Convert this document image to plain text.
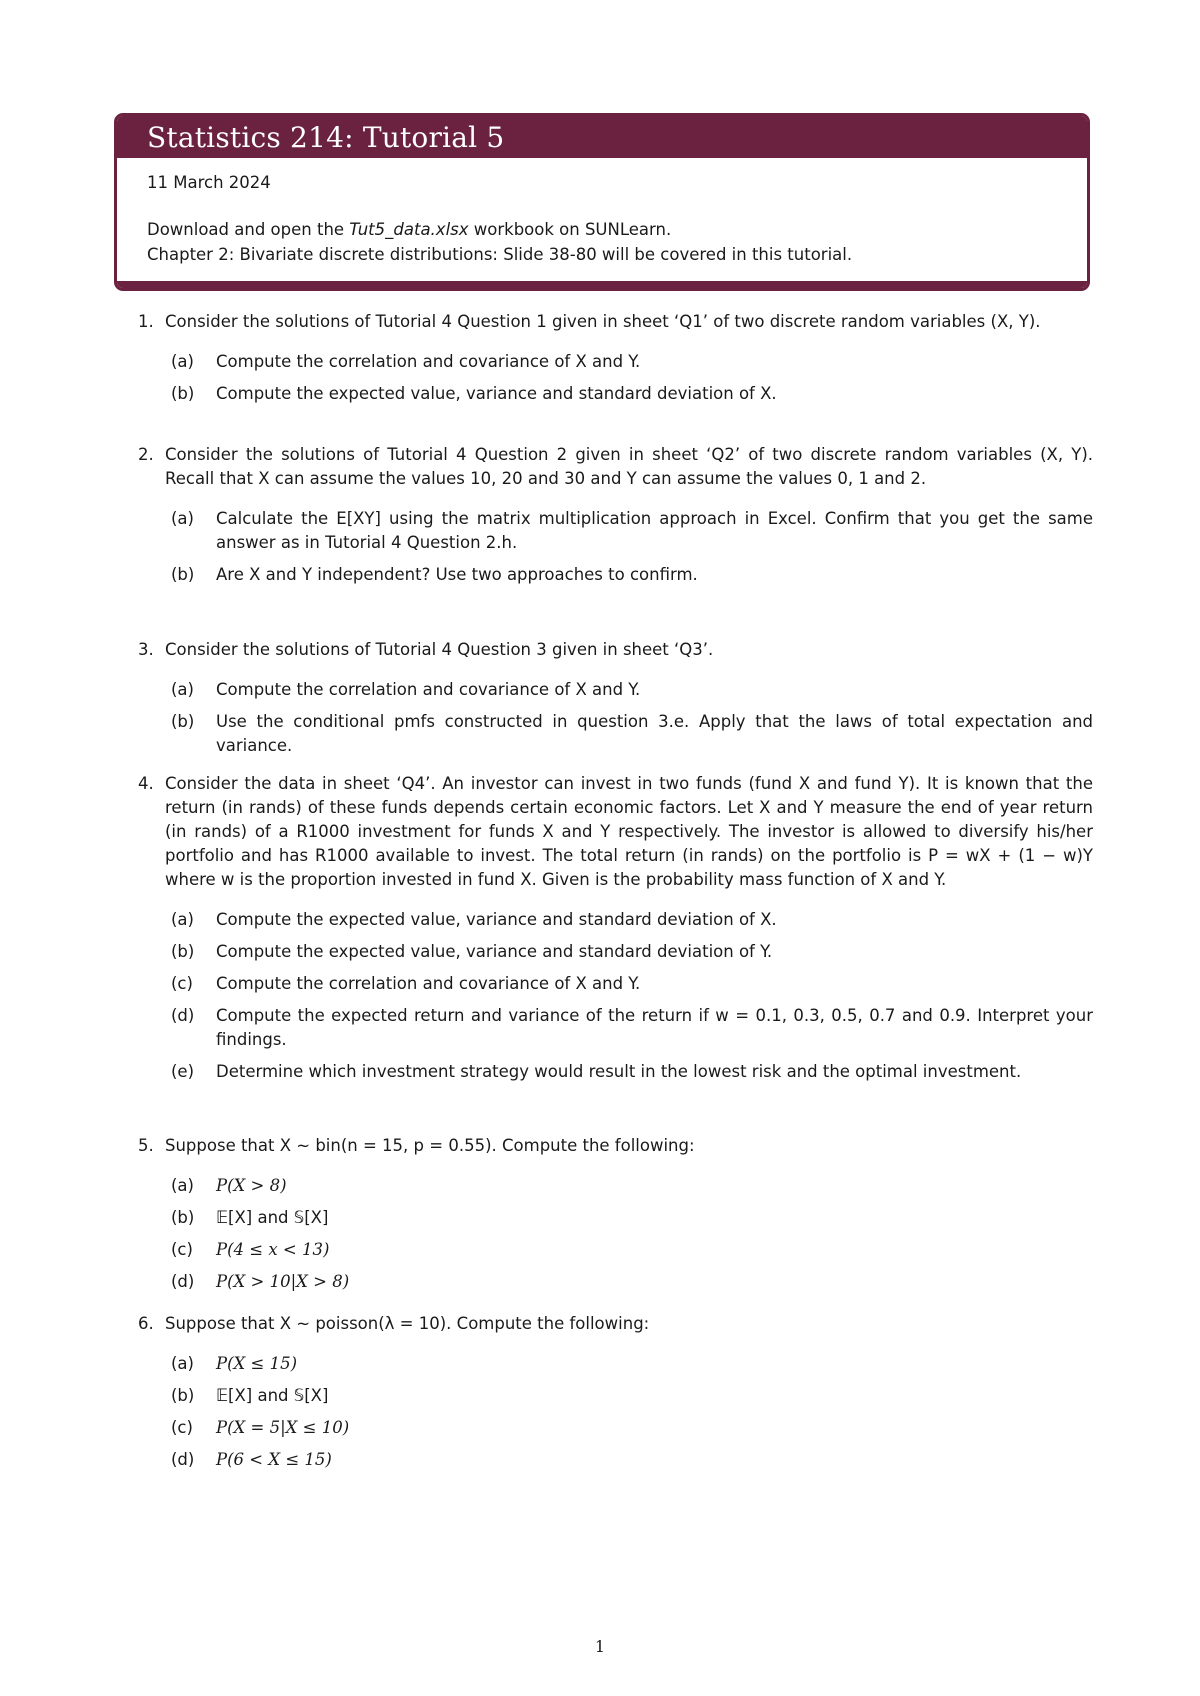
Statistics 214: Tutorial 5
11 March 2024
Download and open the Tut5_data.xlsx workbook on SUNLearn.
Chapter 2: Bivariate discrete distributions: Slide 38-80 will be covered in this tutorial.
1. Consider the solutions of Tutorial 4 Question 1 given in sheet ‘Q1’ of two discrete random variables (X, Y).
(a) Compute the correlation and covariance of X and Y.
(b) Compute the expected value, variance and standard deviation of X.
2. Consider the solutions of Tutorial 4 Question 2 given in sheet ‘Q2’ of two discrete random variables (X, Y). Recall that X can assume the values 10, 20 and 30 and Y can assume the values 0, 1 and 2.
(a) Calculate the E[XY] using the matrix multiplication approach in Excel. Confirm that you get the same answer as in Tutorial 4 Question 2.h.
(b) Are X and Y independent? Use two approaches to confirm.
3. Consider the solutions of Tutorial 4 Question 3 given in sheet ‘Q3’.
(a) Compute the correlation and covariance of X and Y.
(b) Use the conditional pmfs constructed in question 3.e. Apply that the laws of total expectation and variance.
4. Consider the data in sheet ‘Q4’. An investor can invest in two funds (fund X and fund Y). It is known that the return (in rands) of these funds depends certain economic factors. Let X and Y measure the end of year return (in rands) of a R1000 investment for funds X and Y respectively. The investor is allowed to diversify his/her portfolio and has R1000 available to invest. The total return (in rands) on the portfolio is P = wX + (1 − w)Y where w is the proportion invested in fund X. Given is the probability mass function of X and Y.
(a) Compute the expected value, variance and standard deviation of X.
(b) Compute the expected value, variance and standard deviation of Y.
(c) Compute the correlation and covariance of X and Y.
(d) Compute the expected return and variance of the return if w = 0.1, 0.3, 0.5, 0.7 and 0.9. Interpret your findings.
(e) Determine which investment strategy would result in the lowest risk and the optimal investment.
5. Suppose that X ∼ bin(n = 15, p = 0.55). Compute the following:
(a) P(X > 8)
(b) 𝔼[X] and 𝕊[X]
(c) P(4 ≤ x < 13)
(d) P(X > 10|X > 8)
6. Suppose that X ∼ poisson(λ = 10). Compute the following:
(a) P(X ≤ 15)
(b) 𝔼[X] and 𝕊[X]
(c) P(X = 5|X ≤ 10)
(d) P(6 < X ≤ 15)
1
